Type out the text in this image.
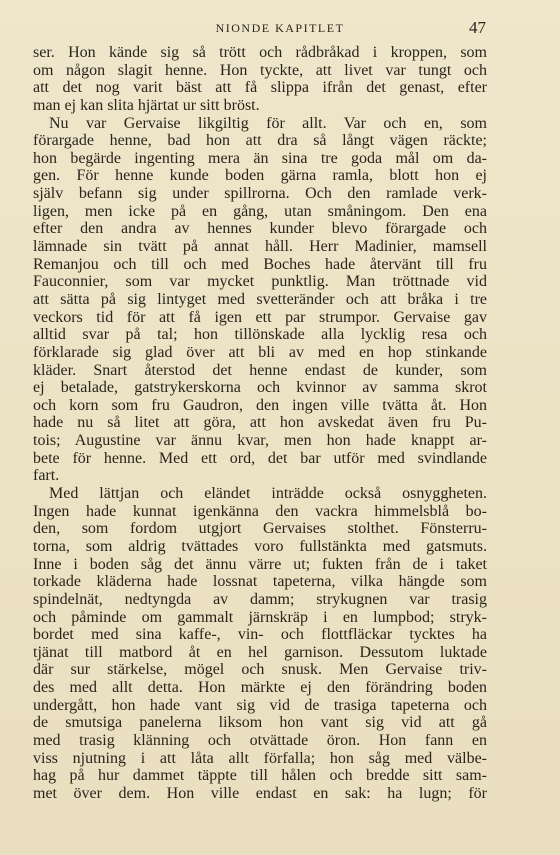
NIONDE KAPITLET	47
ser. Hon kände sig så trött och rådbråkad i kroppen, som
om någon slagit henne. Hon tyckte, att livet var tungt och
att det nog varit bäst att få slippa ifrån det genast, efter
man ej kan slita hjärtat ur sitt bröst.
Nu var Gervaise likgiltig för allt. Var och en, som
förargade henne, bad hon att dra så långt vägen räckte;
hon begärde ingenting mera än sina tre goda mål om da-
gen. För henne kunde boden gärna ramla, blott hon ej
själv befann sig under spillrorna. Och den ramlade verk-
ligen, men icke på en gång, utan småningom. Den ena
efter den andra av hennes kunder blevo förargade och
lämnade sin tvätt på annat håll. Herr Madinier, mamsell
Remanjou och till och med Boches hade återvänt till fru
Fauconnier, som var mycket punktlig. Man tröttnade vid
att sätta på sig lintyget med svetteränder och att bråka i tre
veckors tid för att få igen ett par strumpor. Gervaise gav
alltid svar på tal; hon tillönskade alla lycklig resa och
förklarade sig glad över att bli av med en hop stinkande
kläder. Snart återstod det henne endast de kunder, som
ej betalade, gatstrykerskorna och kvinnor av samma skrot
och korn som fru Gaudron, den ingen ville tvätta åt. Hon
hade nu så litet att göra, att hon avskedat även fru Pu-
tois; Augustine var ännu kvar, men hon hade knappt ar-
bete för henne. Med ett ord, det bar utför med svindlande
fart.
Med lättjan och eländet inträdde också osnyggheten.
Ingen hade kunnat igenkänna den vackra himmelsblå bo-
den, som fordom utgjort Gervaises stolthet. Fönsterru-
torna, som aldrig tvättades voro fullstänkta med gatsmuts.
Inne i boden såg det ännu värre ut; fukten från de i taket
torkade kläderna hade lossnat tapeterna, vilka hängde som
spindelnät, nedtyngda av damm; strykugnen var trasig
och påminde om gammalt järnskräp i en lumpbod; stryk-
bordet med sina kaffe-, vin- och flottfläckar tycktes ha
tjänat till matbord åt en hel garnison. Dessutom luktade
där sur stärkelse, mögel och snusk. Men Gervaise triv-
des med allt detta. Hon märkte ej den förändring boden
undergått, hon hade vant sig vid de trasiga tapeterna och
de smutsiga panelerna liksom hon vant sig vid att gå
med trasig klänning och otvättade öron. Hon fann en
viss njutning i att låta allt förfalla; hon såg med välbe-
hag på hur dammet täppte till hålen och bredde sitt sam-
met över dem. Hon ville endast en sak: ha lugn; för
